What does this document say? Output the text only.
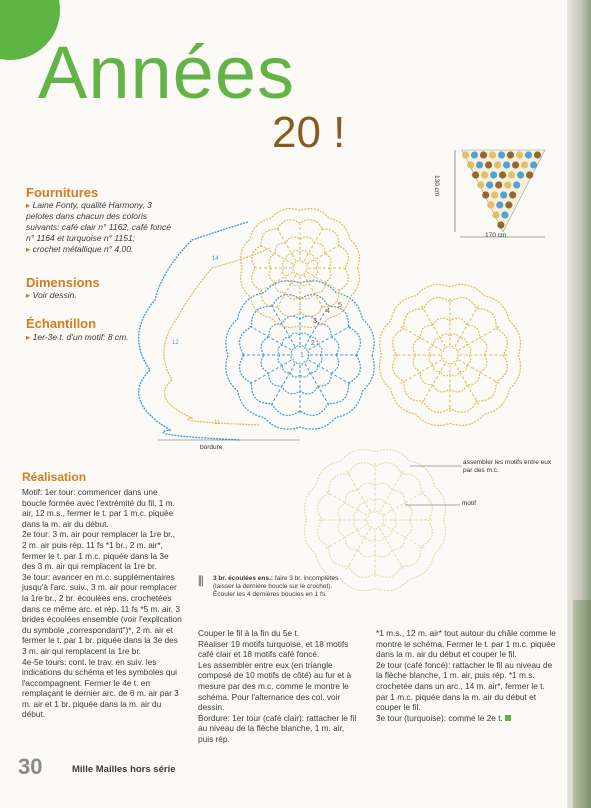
Années
20 !
Fournitures
▸ Laine Fonty, qualité Harmony, 3 pelotes dans chacun des coloris suivants: café clair n° 1162, café foncé n° 1164 et turquoise n° 1151;
▸ crochet métallique n° 4,00.
Dimensions
▸ Voir dessin.
Échantillon
▸ 1er-3e t. d'un motif: 8 cm.
170 cm
130 cm
bordure
assembler les motifs entre eux par des m.c.
motif
1
2
3
4
5
12
14
11
⫼ 3 br. écoulées ens.: faire 3 br. incomplètes (laisser la dernière boucle sur le crochet). Écouler les 4 dernières boucles en 1 fs.
Réalisation

Motif: 1er tour: commencer dans une boucle formée avec l'extrémité du fil, 1 m. air, 12 m.s., fermer le t. par 1 m.c. piquée dans la m. air du début.

2e tour: 3 m. air pour remplacer la 1re br., 2 m. air puis rép. 11 fs *1 br., 2 m. air*, fermer le t. par 1 m.c. piquée dans la 3e des 3 m. air qui remplacent la 1re br.

3e tour: avancer en m.c. supplémentaires jusqu'à l'arc. suiv., 3 m. air pour remplacer la 1re br., 2 br. écoulées ens. crochetées dans ce même arc. et rép. 11 fs *5 m. air, 3 brides écoulées ensemble (voir l'explication du symbole „correspondant")*, 2 m. air et fermer le t. par 1 br. piquée dans la 3e des 3 m. air qui remplacent la 1re br.

4e-5e tours: cont. le trav. en suiv. les indications du schéma et les symboles qui l'accompagnent. Fermer le 4e t. en remplaçant le dernier arc. de 6 m. air par 3 m. air et 1 br. piquée dans la m. air du début.

Couper le fil à la fin du 5e t.

Réaliser 19 motifs turquoise, et 18 motifs café clair et 18 motifs café foncé.

Les assembler entre eux (en triangle composé de 10 motifs de côté) au fur et à mesure par des m.c. comme le montre le schéma. Pour l'alternance des col. voir dessin.

Bordure: 1er tour (café clair): rattacher le fil au niveau de la flèche blanche, 1 m. air, puis rép.

*1 m.s., 12 m. air* tout autour du châle comme le montre le schéma. Fermer le t. par 1 m.c. piquée dans la m. air du début et couper le fil.

2e tour (café foncé): rattacher le fil au niveau de la flèche blanche, 1 m. air, puis rép. *1 m.s. crochetée dans un arc., 14 m. air*, fermer le t. par 1 m.c. piquée dans la m. air du début et couper le fil.

3e tour (turquoise): comme le 2e t.

30	Mille Mailles hors série
